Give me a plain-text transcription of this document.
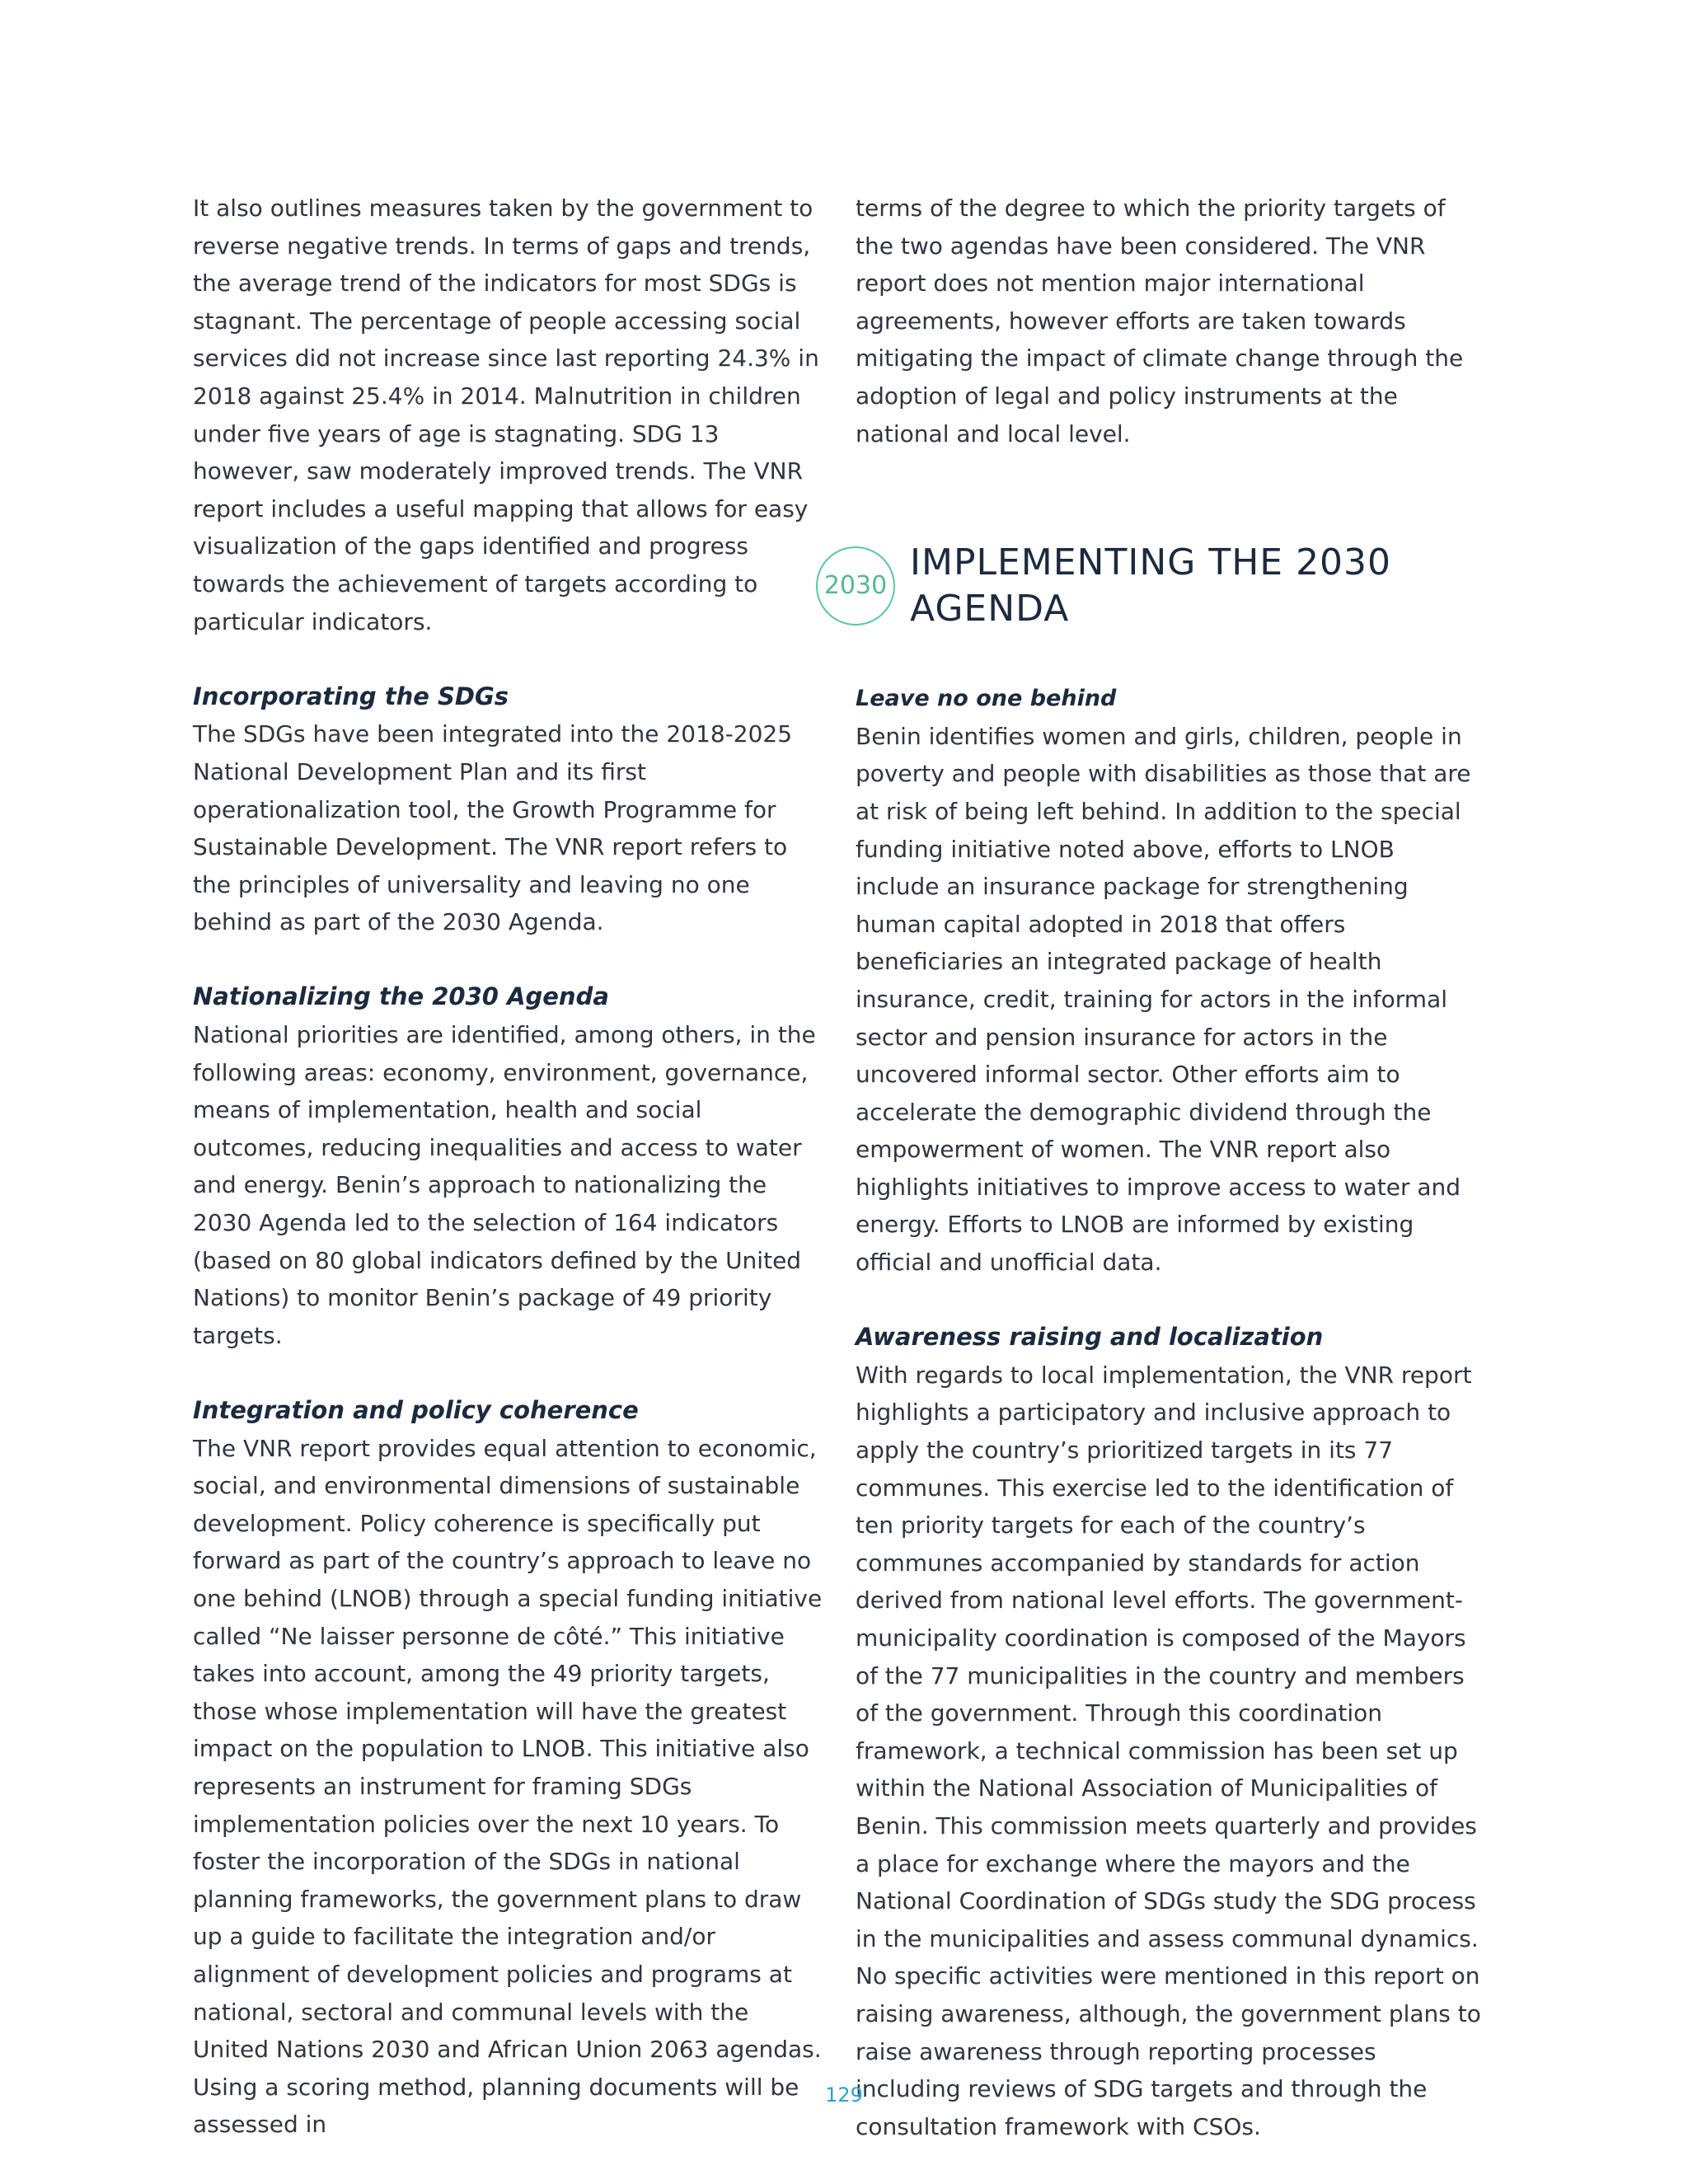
It also outlines measures taken by the government to reverse negative trends. In terms of gaps and trends, the average trend of the indicators for most SDGs is stagnant. The percentage of people accessing social services did not increase since last reporting 24.3% in 2018 against 25.4% in 2014. Malnutrition in children under five years of age is stagnating. SDG 13 however, saw moderately improved trends. The VNR report includes a useful mapping that allows for easy visualization of the gaps identified and progress towards the achievement of targets according to particular indicators.

Incorporating the SDGs

The SDGs have been integrated into the 2018-2025 National Development Plan and its first operationalization tool, the Growth Programme for Sustainable Development. The VNR report refers to the principles of universality and leaving no one behind as part of the 2030 Agenda.

Nationalizing the 2030 Agenda

National priorities are identified, among others, in the following areas: economy, environment, governance, means of implementation, health and social outcomes, reducing inequalities and access to water and energy. Benin’s approach to nationalizing the 2030 Agenda led to the selection of 164 indicators (based on 80 global indicators defined by the United Nations) to monitor Benin’s package of 49 priority targets.

Integration and policy coherence

The VNR report provides equal attention to economic, social, and environmental dimensions of sustainable development. Policy coherence is specifically put forward as part of the country’s approach to leave no one behind (LNOB) through a special funding initiative called “Ne laisser personne de côté.” This initiative takes into account, among the 49 priority targets, those whose implementation will have the greatest impact on the population to LNOB. This initiative also represents an instrument for framing SDGs implementation policies over the next 10 years. To foster the incorporation of the SDGs in national planning frameworks, the government plans to draw up a guide to facilitate the integration and/or alignment of development policies and programs at national, sectoral and communal levels with the United Nations 2030 and African Union 2063 agendas. Using a scoring method, planning documents will be assessed in

terms of the degree to which the priority targets of the two agendas have been considered. The VNR report does not mention major international agreements, however efforts are taken towards mitigating the impact of climate change through the adoption of legal and policy instruments at the national and local level.

2030
IMPLEMENTING THE 2030 AGENDA
Leave no one behind

Benin identifies women and girls, children, people in poverty and people with disabilities as those that are at risk of being left behind. In addition to the special funding initiative noted above, efforts to LNOB include an insurance package for strengthening human capital adopted in 2018 that offers beneficiaries an integrated package of health insurance, credit, training for actors in the informal sector and pension insurance for actors in the uncovered informal sector. Other efforts aim to accelerate the demographic dividend through the empowerment of women. The VNR report also highlights initiatives to improve access to water and energy. Efforts to LNOB are informed by existing official and unofficial data.

Awareness raising and localization

With regards to local implementation, the VNR report highlights a participatory and inclusive approach to apply the country’s prioritized targets in its 77 communes. This exercise led to the identification of ten priority targets for each of the country’s communes accompanied by standards for action derived from national level efforts. The government-municipality coordination is composed of the Mayors of the 77 municipalities in the country and members of the government. Through this coordination framework, a technical commission has been set up within the National Association of Municipalities of Benin. This commission meets quarterly and provides a place for exchange where the mayors and the National Coordination of SDGs study the SDG process in the municipalities and assess communal dynamics.

No specific activities were mentioned in this report on raising awareness, although, the government plans to raise awareness through reporting processes including reviews of SDG targets and through the consultation framework with CSOs.

129
